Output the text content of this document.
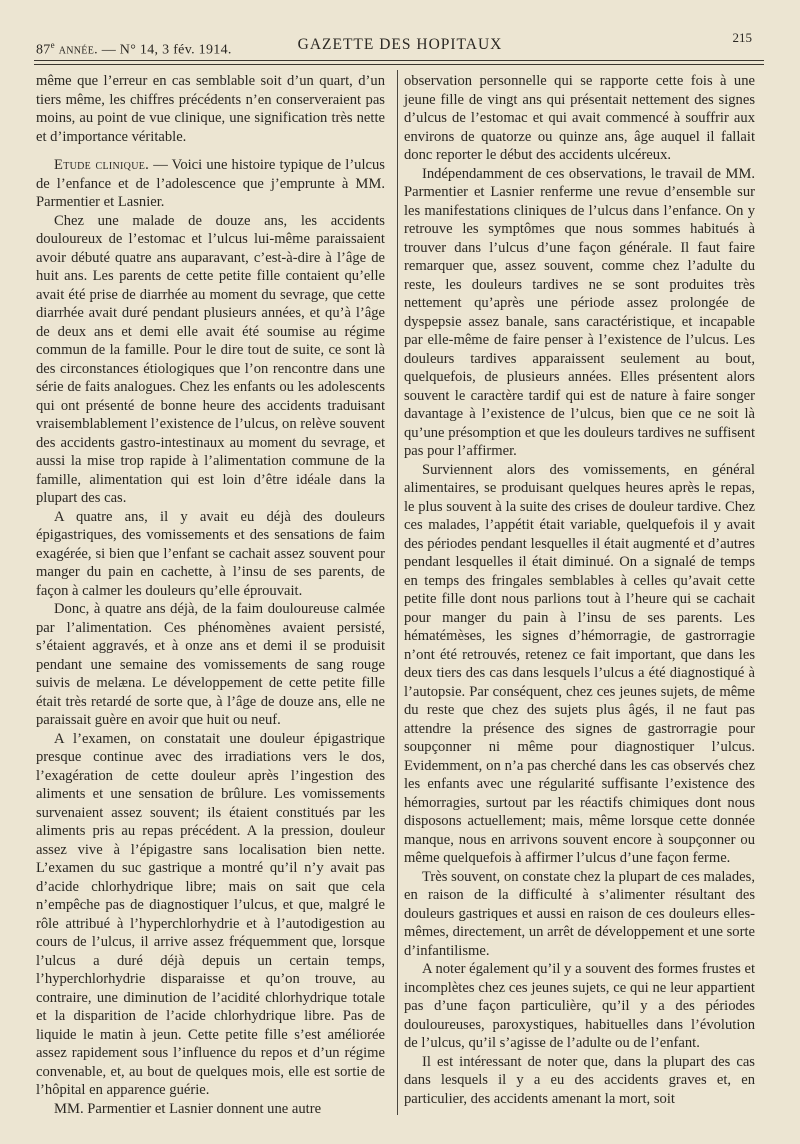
87e année. — N° 14, 3 fév. 1914.	GAZETTE DES HOPITAUX	215

même que l’erreur en cas semblable soit d’un quart, d’un tiers même, les chiffres précédents n’en conserveraient pas moins, au point de vue clinique, une signification très nette et d’importance véritable.

Etude clinique. — Voici une histoire typique de l’ulcus de l’enfance et de l’adolescence que j’emprunte à MM. Parmentier et Lasnier.

Chez une malade de douze ans, les accidents douloureux de l’estomac et l’ulcus lui-même paraissaient avoir débuté quatre ans auparavant, c’est-à-dire à l’âge de huit ans. Les parents de cette petite fille contaient qu’elle avait été prise de diarrhée au moment du sevrage, que cette diarrhée avait duré pendant plusieurs années, et qu’à l’âge de deux ans et demi elle avait été soumise au régime commun de la famille. Pour le dire tout de suite, ce sont là des circonstances étiologiques que l’on rencontre dans une série de faits analogues. Chez les enfants ou les adolescents qui ont présenté de bonne heure des accidents traduisant vraisemblablement l’existence de l’ulcus, on relève souvent des accidents gastro-intestinaux au moment du sevrage, et aussi la mise trop rapide à l’alimentation commune de la famille, alimentation qui est loin d’être idéale dans la plupart des cas.

A quatre ans, il y avait eu déjà des douleurs épigastriques, des vomissements et des sensations de faim exagérée, si bien que l’enfant se cachait assez souvent pour manger du pain en cachette, à l’insu de ses parents, de façon à calmer les douleurs qu’elle éprouvait.

Donc, à quatre ans déjà, de la faim douloureuse calmée par l’alimentation. Ces phénomènes avaient persisté, s’étaient aggravés, et à onze ans et demi il se produisit pendant une semaine des vomissements de sang rouge suivis de melæna. Le développement de cette petite fille était très retardé de sorte que, à l’âge de douze ans, elle ne paraissait guère en avoir que huit ou neuf.

A l’examen, on constatait une douleur épigastrique presque continue avec des irradiations vers le dos, l’exagération de cette douleur après l’ingestion des aliments et une sensation de brûlure. Les vomissements survenaient assez souvent; ils étaient constitués par les aliments pris au repas précédent. A la pression, douleur assez vive à l’épigastre sans localisation bien nette. L’examen du suc gastrique a montré qu’il n’y avait pas d’acide chlorhydrique libre; mais on sait que cela n’empêche pas de diagnostiquer l’ulcus, et que, malgré le rôle attribué à l’hyperchlorhydrie et à l’autodigestion au cours de l’ulcus, il arrive assez fréquemment que, lorsque l’ulcus a duré déjà depuis un certain temps, l’hyperchlorhydrie disparaisse et qu’on trouve, au contraire, une diminution de l’acidité chlorhydrique totale et la disparition de l’acide chlorhydrique libre. Pas de liquide le matin à jeun. Cette petite fille s’est améliorée assez rapidement sous l’influence du repos et d’un régime convenable, et, au bout de quelques mois, elle est sortie de l’hôpital en apparence guérie.

MM. Parmentier et Lasnier donnent une autre

observation personnelle qui se rapporte cette fois à une jeune fille de vingt ans qui présentait nettement des signes d’ulcus de l’estomac et qui avait commencé à souffrir aux environs de quatorze ou quinze ans, âge auquel il fallait donc reporter le début des accidents ulcéreux.

Indépendamment de ces observations, le travail de MM. Parmentier et Lasnier renferme une revue d’ensemble sur les manifestations cliniques de l’ulcus dans l’enfance. On y retrouve les symptômes que nous sommes habitués à trouver dans l’ulcus d’une façon générale. Il faut faire remarquer que, assez souvent, comme chez l’adulte du reste, les douleurs tardives ne se sont produites très nettement qu’après une période assez prolongée de dyspepsie assez banale, sans caractéristique, et incapable par elle-même de faire penser à l’existence de l’ulcus. Les douleurs tardives apparaissent seulement au bout, quelquefois, de plusieurs années. Elles présentent alors souvent le caractère tardif qui est de nature à faire songer davantage à l’existence de l’ulcus, bien que ce ne soit là qu’une présomption et que les douleurs tardives ne suffisent pas pour l’affirmer.

Surviennent alors des vomissements, en général alimentaires, se produisant quelques heures après le repas, le plus souvent à la suite des crises de douleur tardive. Chez ces malades, l’appétit était variable, quelquefois il y avait des périodes pendant lesquelles il était augmenté et d’autres pendant lesquelles il était diminué. On a signalé de temps en temps des fringales semblables à celles qu’avait cette petite fille dont nous parlions tout à l’heure qui se cachait pour manger du pain à l’insu de ses parents. Les hématémèses, les signes d’hémorragie, de gastrorragie n’ont été retrouvés, retenez ce fait important, que dans les deux tiers des cas dans lesquels l’ulcus a été diagnostiqué à l’autopsie. Par conséquent, chez ces jeunes sujets, de même du reste que chez des sujets plus âgés, il ne faut pas attendre la présence des signes de gastrorragie pour soupçonner ni même pour diagnostiquer l’ulcus. Evidemment, on n’a pas cherché dans les cas observés chez les enfants avec une régularité suffisante l’existence des hémorragies, surtout par les réactifs chimiques dont nous disposons actuellement; mais, même lorsque cette donnée manque, nous en arrivons souvent encore à soupçonner ou même quelquefois à affirmer l’ulcus d’une façon ferme.

Très souvent, on constate chez la plupart de ces malades, en raison de la difficulté à s’alimenter résultant des douleurs gastriques et aussi en raison de ces douleurs elles-mêmes, directement, un arrêt de développement et une sorte d’infantilisme.

A noter également qu’il y a souvent des formes frustes et incomplètes chez ces jeunes sujets, ce qui ne leur appartient pas d’une façon particulière, qu’il y a des périodes douloureuses, paroxystiques, habituelles dans l’évolution de l’ulcus, qu’il s’agisse de l’adulte ou de l’enfant.

Il est intéressant de noter que, dans la plupart des cas dans lesquels il y a eu des accidents graves et, en particulier, des accidents amenant la mort, soit
